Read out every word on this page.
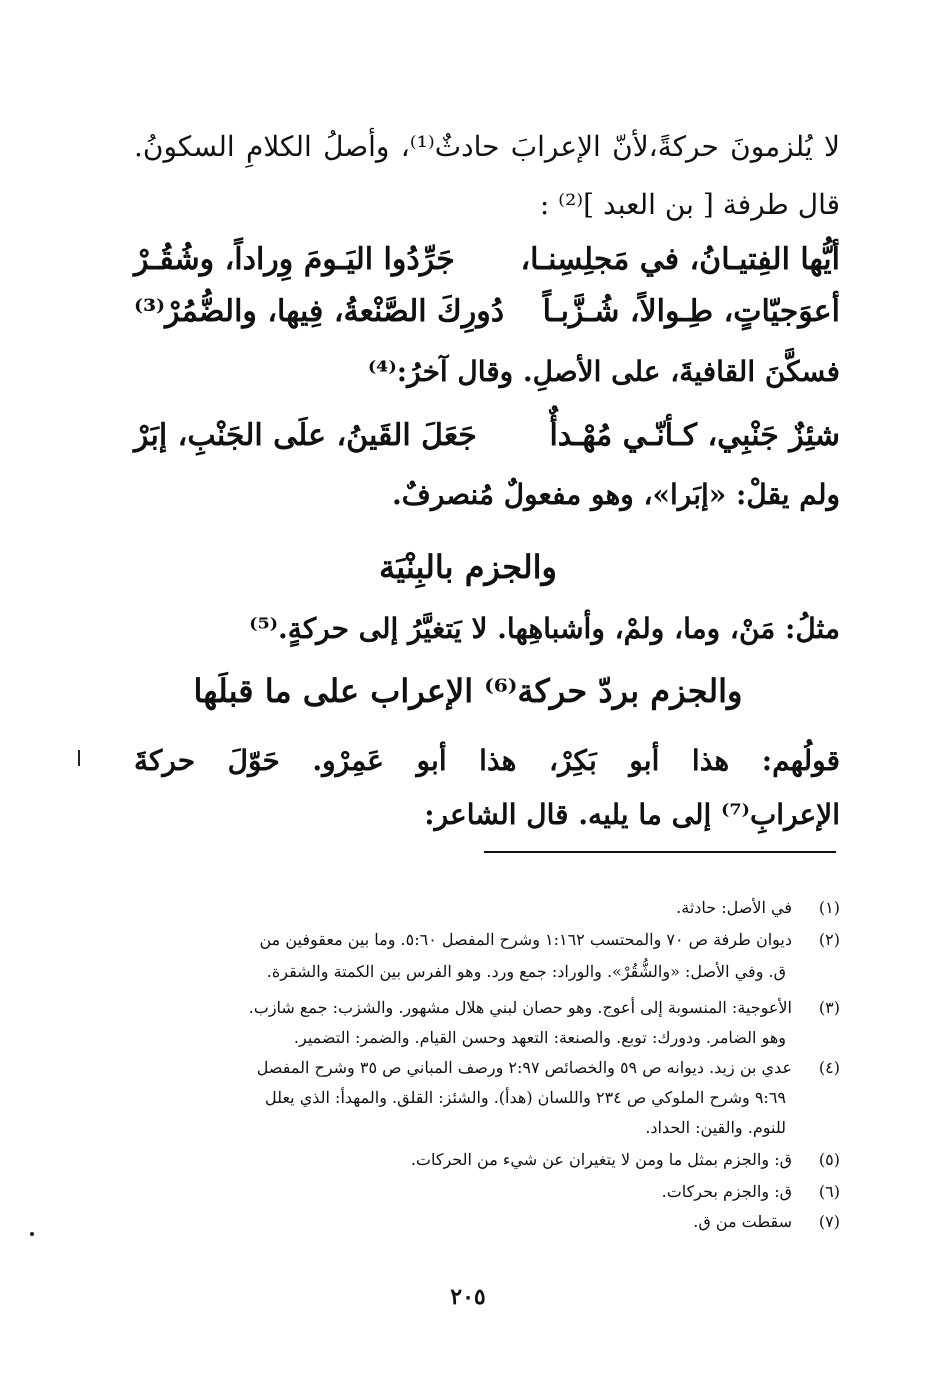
لا يُلزمونَ حركةً،لأنّ الإعرابَ حادثٌ⁽¹⁾، وأصلُ الكلامِ السكونُ.
قال طرفة [ بن العبد ]⁽²⁾ :
أيُّها الفِتيـانُ، في مَجلِسِنـا،
جَرِّدُوا اليَـومَ وِراداً، وشُقُـرْ
أعوَجيّاتٍ، طِـوالاً، شُـزَّبـاً
دُورِكَ الصَّنْعةُ، فِيها، والضُّمُرْ⁽³⁾
فسكَّنَ القافيةَ، على الأصلِ. وقال آخرُ:⁽⁴⁾
شئِزٌ جَنْبِي، كـأنّـي مُهْـدأٌ
جَعَلَ القَينُ، علَى الجَنْبِ، إبَرْ
ولم يقلْ: «إبَرا»، وهو مفعولٌ مُنصرفٌ.
والجزم بالبِنْيَة
مثلُ: مَنْ، وما، ولمْ، وأشباهِها. لا يَتغيَّرُ إلى حركةٍ.⁽⁵⁾
والجزم بردّ حركة⁽⁶⁾ الإعراب على ما قبلَها
قولُهم: هذا أبو بَكِرْ، هذا أبو عَمِرْو. حَوّلَ حركةَ
الإعرابِ⁽⁷⁾ إلى ما يليه. قال الشاعر:
(١)في الأصل: حادثة.
(٢)ديوان طرفة ص ٧٠ والمحتسب ١:١٦٢ وشرح المفصل ٥:٦٠. وما بين معقوفين من
ق. وفي الأصل: «والشُّقُرْ». والوراد: جمع ورد. وهو الفرس بين الكمتة والشقرة.
(٣)الأعوجية: المنسوبة إلى أعوج. وهو حصان لبني هلال مشهور. والشزب: جمع شازب.
وهو الضامر. ودورك: توبع. والصنعة: التعهد وحسن القيام. والضمر: التضمير.
(٤)عدي بن زيد. ديوانه ص ٥٩ والخصائص ٢:٩٧ ورصف المباني ص ٣٥ وشرح المفصل
٩:٦٩ وشرح الملوكي ص ٢٣٤ واللسان (هدأ). والشئز: القلق. والمهدأ: الذي يعلل
للنوم. والقين: الحداد.
(٥)ق: والجزم بمثل ما ومن لا يتغيران عن شيء من الحركات.
(٦)ق: والجزم بحركات.
(٧)سقطت من ق.
٢٠٥
